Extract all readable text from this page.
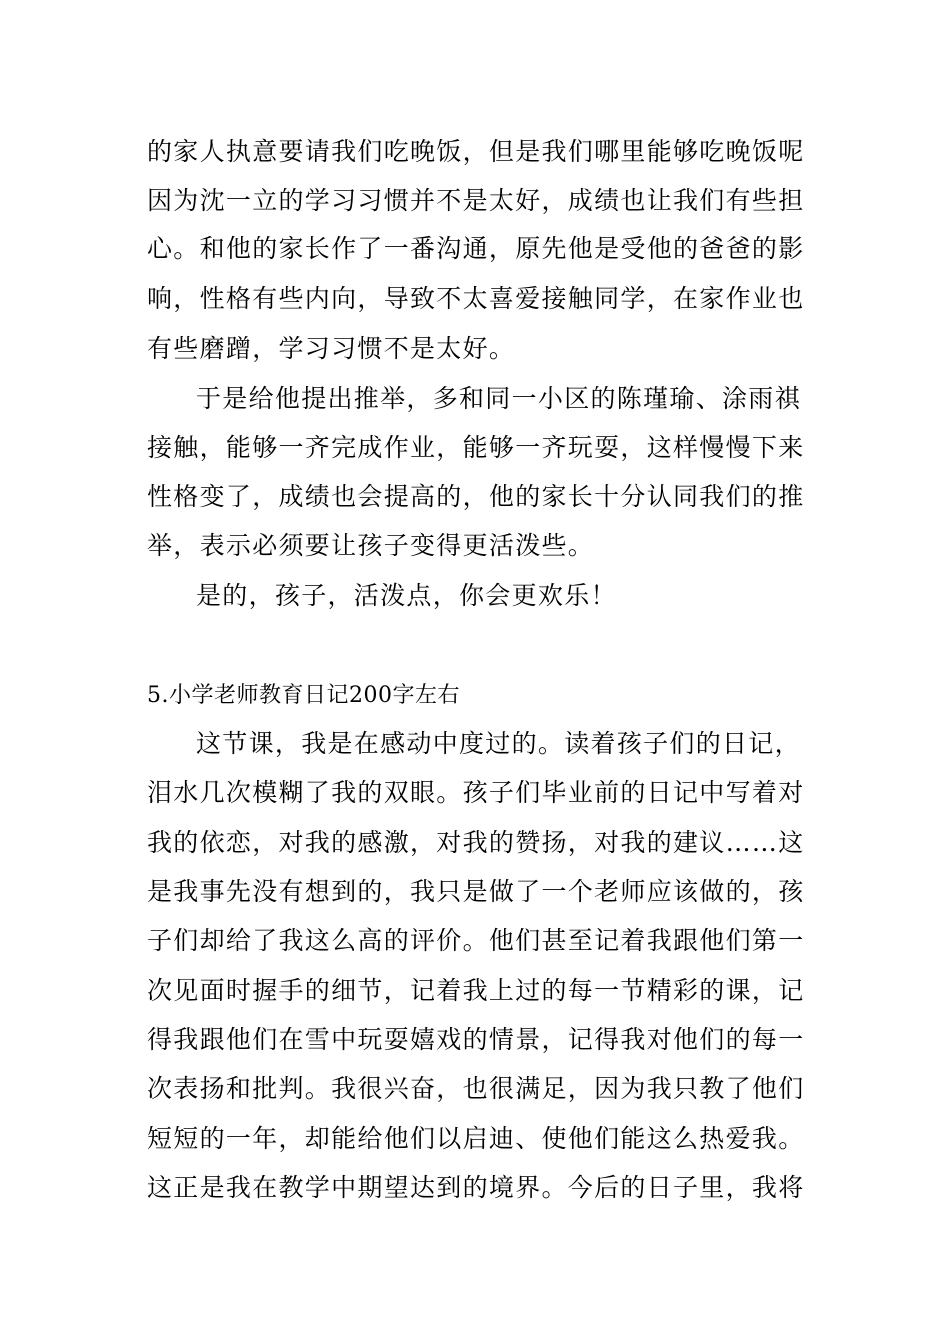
的家人执意要请我们吃晚饭，但是我们哪里能够吃晚饭呢
因为沈一立的学习习惯并不是太好，成绩也让我们有些担
心。和他的家长作了一番沟通，原先他是受他的爸爸的影
响，性格有些内向，导致不太喜爱接触同学，在家作业也
有些磨蹭，学习习惯不是太好。
于是给他提出推举，多和同一小区的陈瑾瑜、涂雨祺
接触，能够一齐完成作业，能够一齐玩耍，这样慢慢下来
性格变了，成绩也会提高的，他的家长十分认同我们的推
举，表示必须要让孩子变得更活泼些。
是的，孩子，活泼点，你会更欢乐！
5.小学老师教育日记200字左右
这节课，我是在感动中度过的。读着孩子们的日记，
泪水几次模糊了我的双眼。孩子们毕业前的日记中写着对
我的依恋，对我的感激，对我的赞扬，对我的建议……这
是我事先没有想到的，我只是做了一个老师应该做的，孩
子们却给了我这么高的评价。他们甚至记着我跟他们第一
次见面时握手的细节，记着我上过的每一节精彩的课，记
得我跟他们在雪中玩耍嬉戏的情景，记得我对他们的每一
次表扬和批判。我很兴奋，也很满足，因为我只教了他们
短短的一年，却能给他们以启迪、使他们能这么热爱我。
这正是我在教学中期望达到的境界。今后的日子里，我将
